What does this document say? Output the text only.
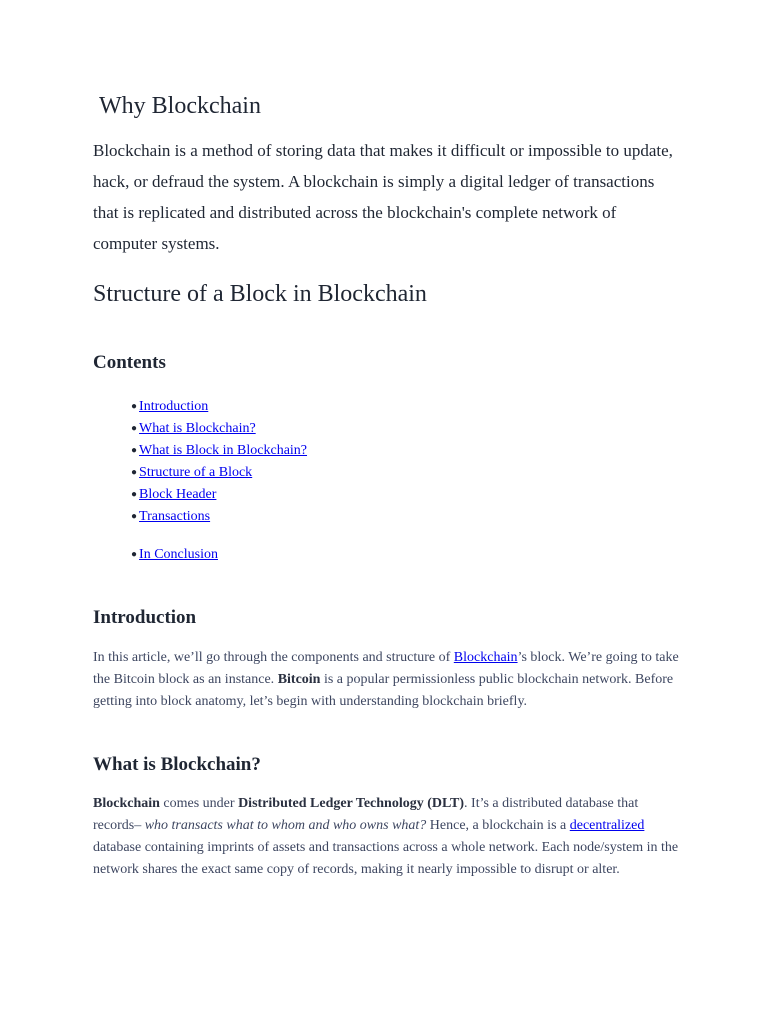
Why Blockchain

Blockchain is a method of storing data that makes it difficult or impossible to update, hack, or defraud the system. A blockchain is simply a digital ledger of transactions that is replicated and distributed across the blockchain's complete network of computer systems.

Structure of a Block in Blockchain
Contents
● Introduction
● What is Blockchain?
● What is Block in Blockchain?
● Structure of a Block
● Block Header
● Transactions
● In Conclusion
Introduction

In this article, we’ll go through the components and structure of Blockchain’s block. We’re going to take the Bitcoin block as an instance. Bitcoin is a popular permissionless public blockchain network. Before getting into block anatomy, let’s begin with understanding blockchain briefly.

What is Blockchain?

Blockchain comes under Distributed Ledger Technology (DLT). It’s a distributed database that records– who transacts what to whom and who owns what? Hence, a blockchain is a decentralized database containing imprints of assets and transactions across a whole network. Each node/system in the network shares the exact same copy of records, making it nearly impossible to disrupt or alter.
